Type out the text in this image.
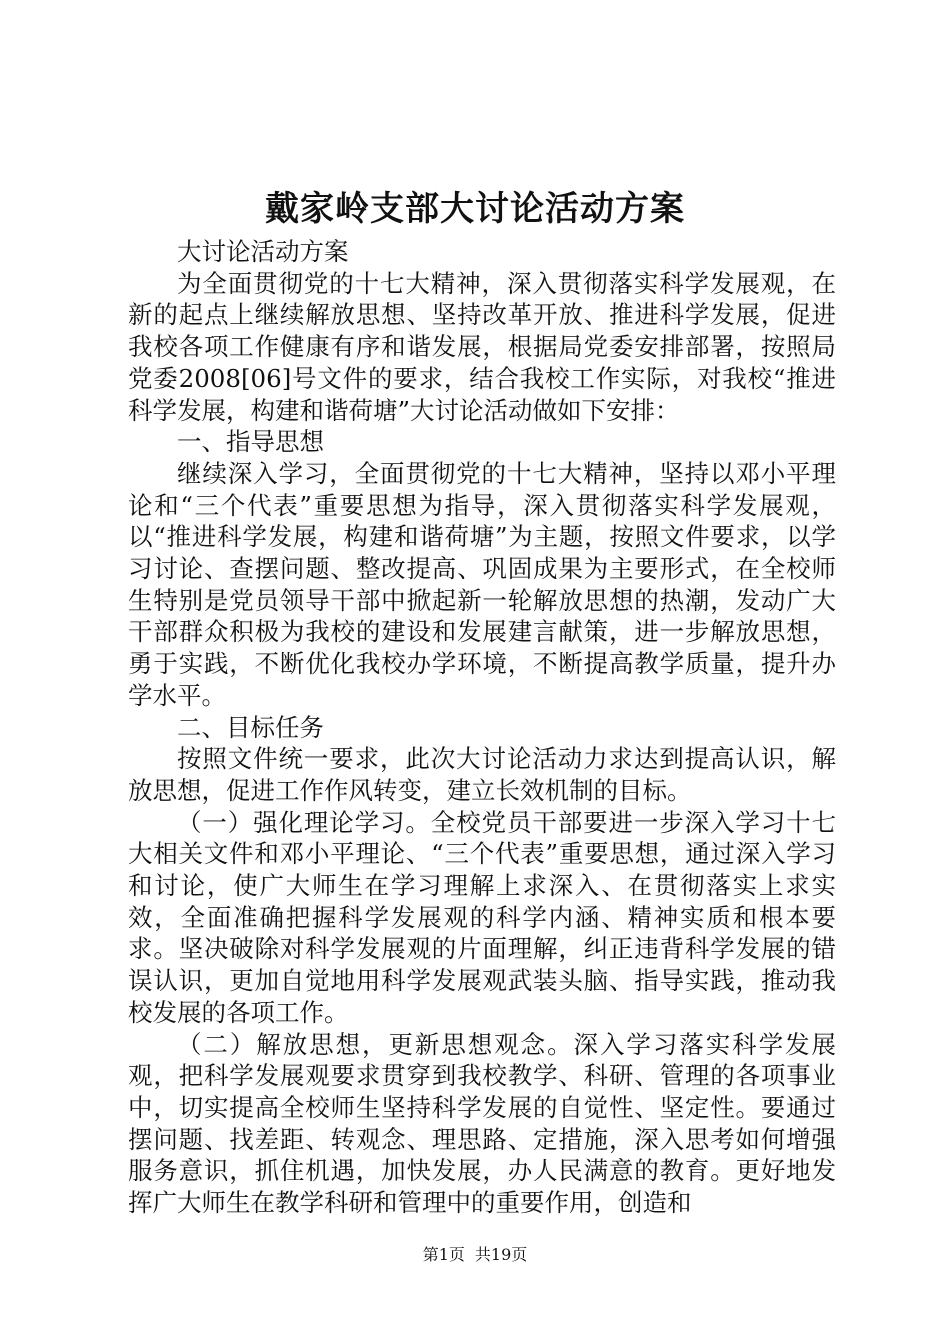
戴家岭支部大讨论活动方案

大讨论活动方案

为全面贯彻党的十七大精神，深入贯彻落实科学发展观，在新的起点上继续解放思想、坚持改革开放、推进科学发展，促进我校各项工作健康有序和谐发展，根据局党委安排部署，按照局党委2008[06]号文件的要求，结合我校工作实际，对我校“推进科学发展，构建和谐荷塘”大讨论活动做如下安排：

一、指导思想

继续深入学习，全面贯彻党的十七大精神，坚持以邓小平理论和“三个代表”重要思想为指导，深入贯彻落实科学发展观，以“推进科学发展，构建和谐荷塘”为主题，按照文件要求，以学习讨论、查摆问题、整改提高、巩固成果为主要形式，在全校师生特别是党员领导干部中掀起新一轮解放思想的热潮，发动广大干部群众积极为我校的建设和发展建言献策，进一步解放思想，勇于实践，不断优化我校办学环境，不断提高教学质量，提升办学水平。

二、目标任务

按照文件统一要求，此次大讨论活动力求达到提高认识，解放思想，促进工作作风转变，建立长效机制的目标。

（一）强化理论学习。全校党员干部要进一步深入学习十七大相关文件和邓小平理论、“三个代表”重要思想，通过深入学习和讨论，使广大师生在学习理解上求深入、在贯彻落实上求实效，全面准确把握科学发展观的科学内涵、精神实质和根本要求。坚决破除对科学发展观的片面理解，纠正违背科学发展的错误认识，更加自觉地用科学发展观武装头脑、指导实践，推动我校发展的各项工作。

（二）解放思想，更新思想观念。深入学习落实科学发展观，把科学发展观要求贯穿到我校教学、科研、管理的各项事业中，切实提高全校师生坚持科学发展的自觉性、坚定性。要通过摆问题、找差距、转观念、理思路、定措施，深入思考如何增强服务意识，抓住机遇，加快发展，办人民满意的教育。更好地发挥广大师生在教学科研和管理中的重要作用，创造和

第1页 共19页
